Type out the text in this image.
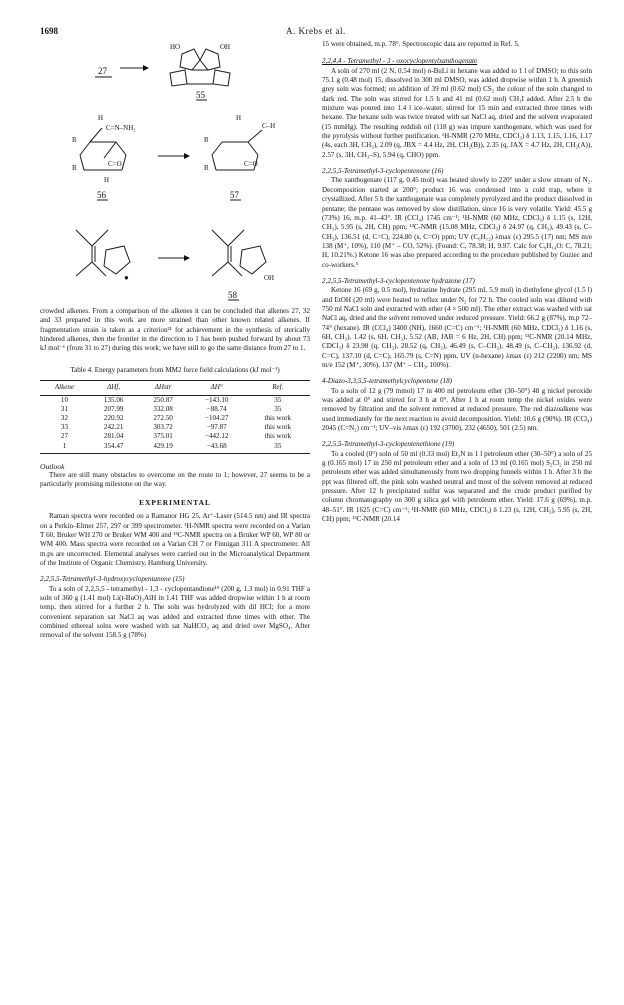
1698	A. Krebs et al.
27
HO	OH
55
H
C=N–NH₂
R
R	C=O
H
56
H
C–H
R
R	C=O
57
●	OH
58

crowded alkenes. From a comparison of the alkenes it can be concluded that alkenes 27, 32 and 33 prepared in this work are more strained than other known related alkenes. If fragmentation strain is taken as a criterion²¹ for achievement in the synthesis of sterically hindered alkenes, then the frontier in the direction to 1 has been pushed forward by about 73 kJ mol⁻¹ (from 31 to 27) during this work; we have still to go the same distance from 27 to 1.

Table 4. Energy parameters from MM2 force field calculations (kJ mol⁻¹)

Alkene	ΔHf,	ΔHstr	ΔH°	Ref.
10	135.06	250.87	−143.10	35
31	207.99	332.08	−88.74	35
32	220.92	272.50	−104.27	this work
33	242.21	303.72	−97.87	this work
27	281.04	375.01	−442.12	this work
1	354.47	429.19	−43.68	35

Outlook

There are still many obstacles to overcome on the route to 1; however, 27 seems to be a particularly promising milestone on the way.

EXPERIMENTAL

Raman spectra were recorded on a Ramanor HG 25, Ar⁺-Laser (514.5 nm) and IR spectra on a Perkin–Elmer 257, 297 or 399 spectrometer. ¹H-NMR spectra were recorded on a Varian T 60, Bruker WH 270 or Bruker WM 400 and ¹³C-NMR spectra on a Bruker WP 60, WP 80 or WM 400. Mass spectra were recorded on a Varian CH 7 or Finnigan 311 A spectrometer. All m.ps are uncorrected. Elemental analyses were carried out in the Microanalytical Department of the Institute of Organic Chemistry, Hamburg University.

2,2,5,5-Tetramethyl-3-hydroxycyclopentanone (15)

To a soln of 2,2,5,5 - tetramethyl - 1,3 - cyclopentandione¹⁹ (200 g, 1.3 mol) in 0.91 THF a soln of 360 g (1.41 mol) Li(t-BuO)₃AlH in 1.41 THF was added dropwise within 1 h at room temp, then stirred for a further 2 h. The soln was hydrolyzed with dil HCl; for a more convenient separation sat NaCl aq was added and extracted three times with ether. The combined ethereal solns were washed with sat NaHCO₃ aq and dried over MgSO₄. After removal of the solvent 158.5 g (78%)

15 were obtained, m.p. 78°. Spectroscopic data are reported in Ref. 5.

2,2,4,4 - Tetramethyl - 3 - oxocyclopentylxanthogenate

A soln of 270 ml (2 N, 0.54 mol) n-BuLi in hexane was added to 1 l of DMSO; to this soln 75.1 g (0.48 mol) 15, dissolved in 300 ml DMSO, was added dropwise within 1 h. A greenish grey soln was formed; on addition of 39 ml (0.62 mol) CS₂ the colour of the soln changed to dark red. The soln was stirred for 1.5 h and 41 ml (0.62 mol) CH₃I added. After 2.5 h the mixture was poured into 1.4 l ice–water, stirred for 15 min and extracted three times with hexane. The hexane soln was twice treated with sat NaCl aq, dried and the solvent evaporated (15 mmHg). The resulting reddish oil (118 g) was impure xanthogenate, which was used for the pyrolysis without further purification. ¹H-NMR (270 MHz, CDCl₃) δ 1.13, 1.15, 1.16, 1.17 (4s, each 3H, CH₃), 2.09 (q, JBX = 4.4 Hz, 2H, CH₂(B)), 2.35 (q, JAX = 4.7 Hz, 2H, CH₂(A)), 2.57 (s, 3H, CH₃–S), 5.94 (q, CHO) ppm.

2,2,5,5-Tetramethyl-3-cyclopentenone (16)

The xanthogenate (117 g, 0.45 mol) was heated slowly to 220° under a slow stream of N₂. Decomposition started at 200°; product 16 was condensed into a cold trap, where it crystallized. After 5 h the xanthogenate was completely pyrolyzed and the product dissolved in pentane; the pentane was removed by slow distillation, since 16 is very volatile. Yield: 45.5 g (73%) 16, m.p. 41–43°. IR (CCl₄) 1745 cm⁻¹; ¹H-NMR (60 MHz, CDCl₃) δ 1.15 (s, 12H, CH₃), 5.95 (s, 2H, CH) ppm; ¹³C-NMR (15.08 MHz, CDCl₃) δ 24.97 (q, CH₃), 49.43 (s, C–CH₃), 136.51 (d, C=C), 224.80 (s, C=O) ppm; UV (C₆H₁₂) λmax (ε) 295.5 (17) nm; MS m/e 138 (M⁺, 10%), 110 (M⁺ – CO, 52%). (Found: C, 78.38; H, 9.97. Calc for C₉H₁₄O: C, 78.21; H, 10.21%.) Ketone 16 was also prepared according to the procedure published by Guziec and co-workers.⁵

2,2,5,5-Tetramethyl-3-cyclopentenone hydrazone (17)

Ketone 16 (69 g, 0.5 mol), hydrazine hydrate (295 ml, 5.9 mol) in diethylene glycol (1.5 l) and EtOH (20 ml) were heated to reflux under N₂ for 72 h. The cooled soln was diluted with 750 ml NaCl soln and extracted with ether (4 × 500 ml). The ether extract was washed with sat NaCl aq, dried and the solvent removed under reduced pressure. Yield: 66.2 g (87%), m.p 72–74° (hexane). IR (CCl₄) 3400 (NH), 1660 (C=C) cm⁻¹; ¹H-NMR (60 MHz, CDCl₃) δ 1.16 (s, 6H, CH₃), 1.42 (s, 6H, CH₃), 5.52 (AB, JAB = 6 Hz, 2H, CH) ppm; ¹³C-NMR (20.14 MHz, CDCl₃) δ 23.98 (q, CH₃), 28.52 (q, CH₃), 46.49 (s, C–CH₃), 48.49 (s, C–CH₃), 136.92 (d, C=C), 137.10 (d, C=C), 165.79 (s, C=N) ppm, UV (n-hexane) λmax (ε) 212 (2200) nm; MS m/e 152 (M⁺, 30%), 137 (M⁺ – CH₃, 100%).

4-Diazo-3,3,5,5-tetramethylcyclopentene (18)

To a soln of 12 g (79 mmol) 17 in 400 ml petroleum ether (30–50°) 48 g nickel peroxide was added at 0° and stirred for 3 h at 0°. After 1 h at room temp the nickel oxides were removed by filtration and the solvent removed at reduced pressure. The red diazoalkene was used immediately for the next reaction to avoid decomposition. Yield: 10.6 g (90%). IR (CCl₄) 2045 (C=N₂) cm⁻¹; UV–vis λmax (ε) 192 (3700), 232 (4650), 501 (2.5) nm.

2,2,5,5-Tetramethyl-3-cyclopentenethione (19)

To a cooled (0°) soln of 50 ml (0.33 mol) Et₃N in 1 l petroleum ether (30–50°) a soln of 25 g (0.165 mol) 17 in 250 ml petroleum ether and a soln of 13 ml (0.165 mol) S₂Cl₂ in 250 ml petroleum ether was added simultaneously from two dropping funnels within 1 h. After 3 h the ppt was filtered off, the pink soln washed neutral and most of the solvent removed at reduced pressure. After 12 h precipitated sulfur was separated and the crude product purified by column chromatography on 300 g silica gel with petroleum ether. Yield: 17.6 g (69%), m.p. 48–51°. IR 1625 (C=C) cm⁻¹; ¹H-NMR (60 MHz, CDCl₃) δ 1.23 (s, 12H, CH₃), 5.95 (s, 2H, CH) ppm; ¹³C-NMR (20.14
